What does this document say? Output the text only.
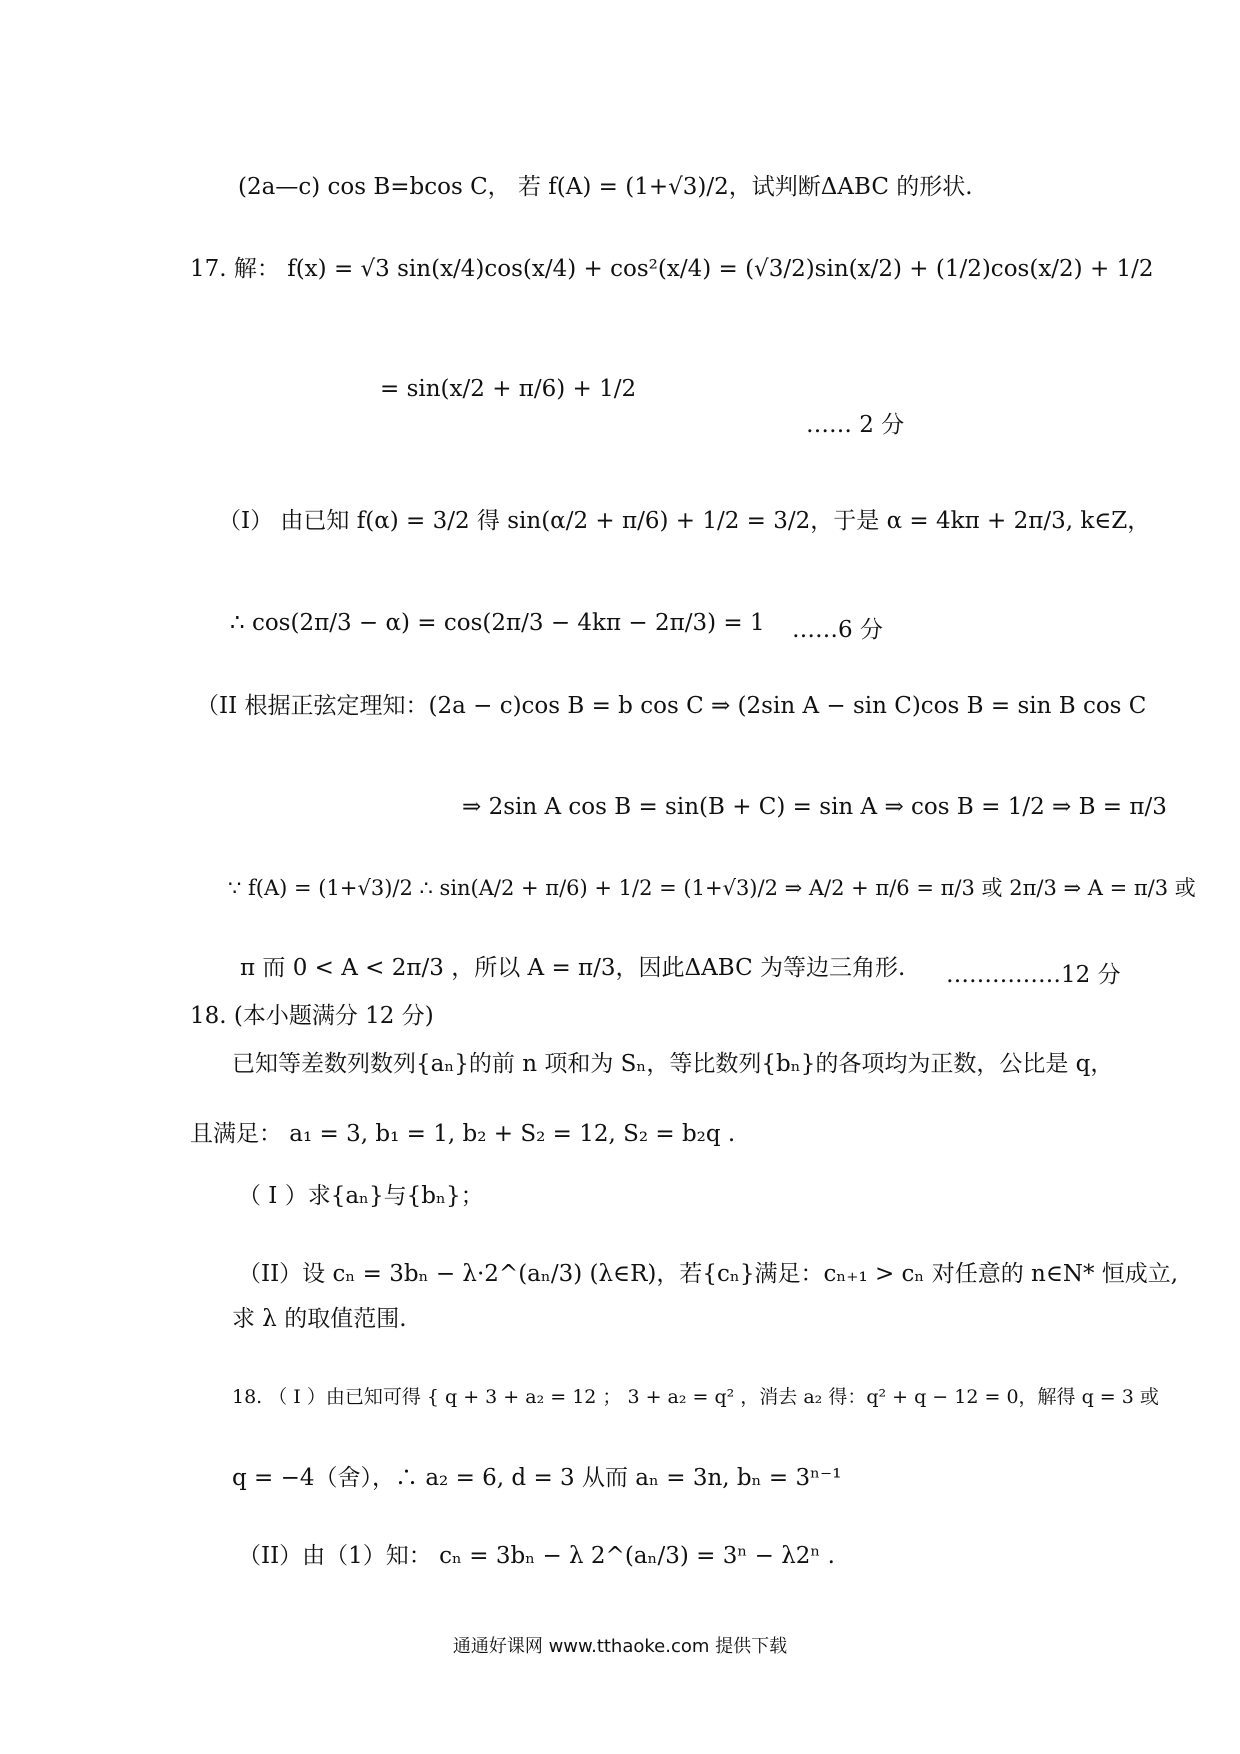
(2a—c) cos B=bcos C， 若 f(A) = (1+√3)/2，试判断ΔABC 的形状.
17. 解： f(x) = √3 sin(x/4)cos(x/4) + cos²(x/4) = (√3/2)sin(x/2) + (1/2)cos(x/2) + 1/2
= sin(x/2 + π/6) + 1/2
…… 2 分
（I） 由已知 f(α) = 3/2 得 sin(α/2 + π/6) + 1/2 = 3/2，于是 α = 4kπ + 2π/3, k∈Z，
∴ cos(2π/3 − α) = cos(2π/3 − 4kπ − 2π/3) = 1 ……6 分
（II 根据正弦定理知：(2a − c)cos B = b cos C ⇒ (2sin A − sin C)cos B = sin B cos C
⇒ 2sin A cos B = sin(B + C) = sin A ⇒ cos B = 1/2 ⇒ B = π/3
∵ f(A) = (1+√3)/2 ∴ sin(A/2 + π/6) + 1/2 = (1+√3)/2 ⇒ A/2 + π/6 = π/3 或 2π/3 ⇒ A = π/3 或
π 而 0 < A < 2π/3 ，所以 A = π/3，因此ΔABC 为等边三角形. ……………12 分
18. (本小题满分 12 分)
已知等差数列数列{aₙ}的前 n 项和为 Sₙ，等比数列{bₙ}的各项均为正数，公比是 q，
且满足： a₁ = 3, b₁ = 1, b₂ + S₂ = 12, S₂ = b₂q .
（ I ）求{aₙ}与{bₙ}；
（II）设 cₙ = 3bₙ − λ·2^(aₙ/3) (λ∈R)，若{cₙ}满足：cₙ₊₁ > cₙ 对任意的 n∈N* 恒成立,
求 λ 的取值范围.
18. （ I ）由已知可得 { q + 3 + a₂ = 12 ； 3 + a₂ = q² ，消去 a₂ 得：q² + q − 12 = 0，解得 q = 3 或
q = −4（舍），∴ a₂ = 6, d = 3 从而 aₙ = 3n, bₙ = 3ⁿ⁻¹
（II）由（1）知： cₙ = 3bₙ − λ 2^(aₙ/3) = 3ⁿ − λ2ⁿ .
通通好课网 www.tthaoke.com 提供下载
